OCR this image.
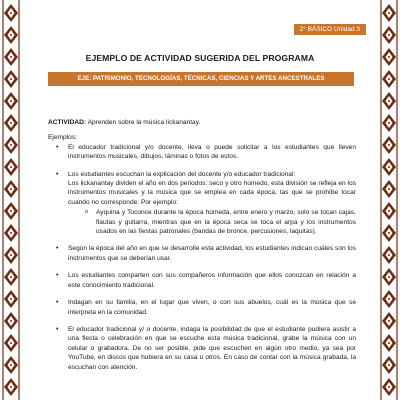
2° BÁSICO Unidad 3
EJEMPLO DE ACTIVIDAD SUGERIDA DEL PROGRAMA
EJE: PATRIMONIO, TECNOLOGÍAS, TÉCNICAS, CIENCIAS Y ARTES ANCESTRALES
ACTIVIDAD: Aprenden sobre la música lickanantay.
Ejemplos:
• El educador tradicional y/o docente, lleva o puede solicitar a los estudiantes que lleven instrumentos musicales, dibujos, láminas o fotos de estos.
• Los estudiantes escuchan la explicación del docente y/o educador tradicional:
Los lickanantay dividen el año en dos periodos: seco y otro húmedo, esta división se refleja en los instrumentos musicales y la música que se emplea en cada época, las que se prohíbe tocar cuando no corresponde. Por ejemplo:
o Ayquina y Toconce durante la época húmeda, entre enero y marzo, solo se tocan cajas, flautas y guitarra, mientras que en la época seca se toca el arpa y los instrumentos usados en las fiestas patronales (bandas de bronce, percusiones, laquitas).
• Según la época del año en que se desarrolle esta actividad, los estudiantes indican cuáles son los instrumentos que se deberían usar.
• Los estudiantes comparten con sus compañeros información que ellos conozcan en relación a este conocimiento tradicional.
• Indagan en su familia, en el lugar que viven, o con sus abuelos, cuál es la música que se interpreta en la comunidad.
• El educador tradicional y/ o docente, indaga la posibilidad de que el estudiante pudiera asistir a una fiesta o celebración en que se escuche esta música tradicional, grabe la música con un celular o grabadora. De no ser posible, pide que escuchen en algún otro medio, ya sea por YouTube, en discos que hubiera en su casa u otros. En caso de contar con la música grabada, la escuchan con atención.
